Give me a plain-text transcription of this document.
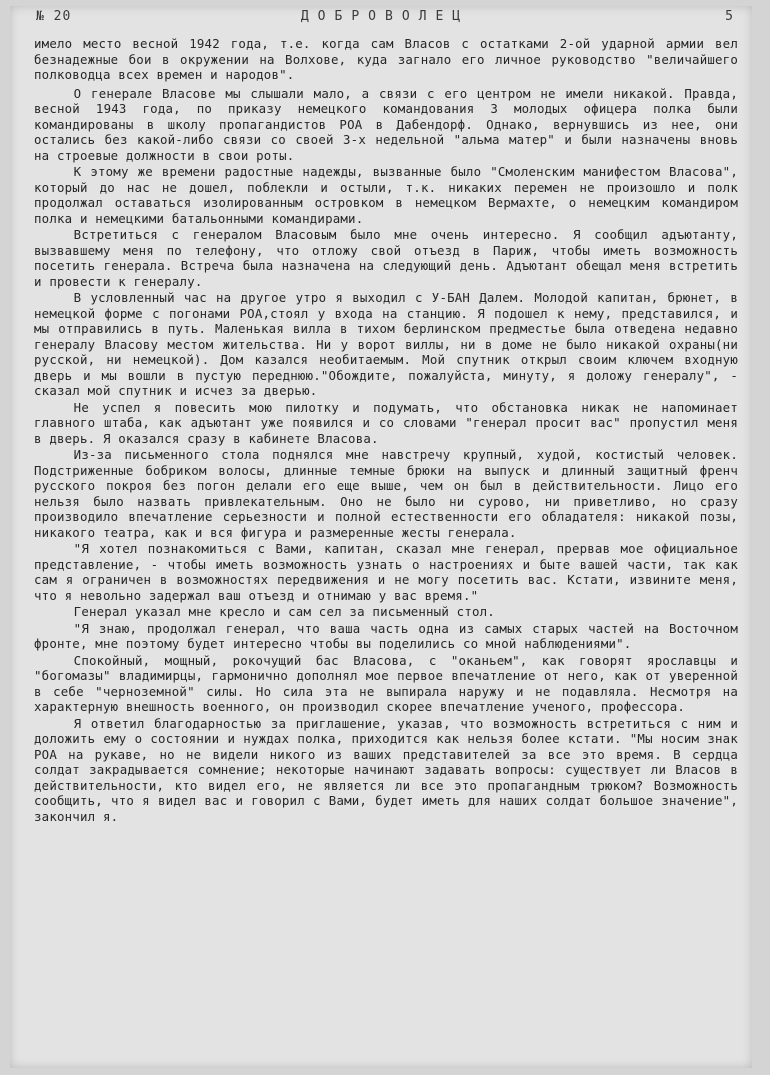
№ 20	ДОБРОВОЛЕЦ	5

имело место весной 1942 года, т.е. когда сам Власов с остатками 2-ой ударной армии вел безнадежные бои в окружении на Волхове, куда загнало его личное руководство "величайшего полководца всех времен и народов".

О генерале Власове мы слышали мало, а связи с его центром не имели никакой. Правда, весной 1943 года, по приказу немецкого командования 3 молодых офицера полка были командированы в школу пропагандистов РОА в Дабендорф. Однако, вернувшись из нее, они остались без какой-либо связи со своей 3-х недельной "альма матер" и были назначены вновь на строевые должности в свои роты.

К этому же времени радостные надежды, вызванные было "Смоленским манифестом Власова", который до нас не дошел, поблекли и остыли, т.к. никаких перемен не произошло и полк продолжал оставаться изолированным островком в немецком Вермахте, о немецким командиром полка и немецкими батальонными командирами.

Встретиться с генералом Власовым было мне очень интересно. Я сообщил адъютанту, вызвавшему меня по телефону, что отложу свой отъезд в Париж, чтобы иметь возможность посетить генерала. Встреча была назначена на следующий день. Адъютант обещал меня встретить и провести к генералу.

В условленный час на другое утро я выходил с У-БАН Далем. Молодой капитан, брюнет, в немецкой форме с погонами РОА,стоял у входа на станцию. Я подошел к нему, представился, и мы отправились в путь. Маленькая вилла в тихом берлинском предместье была отведена недавно генералу Власову местом жительства. Ни у ворот виллы, ни в доме не было никакой охраны(ни русской, ни немецкой). Дом казался необитаемым. Мой спутник открыл своим ключем входную дверь и мы вошли в пустую переднюю."Обождите, пожалуйста, минуту, я доложу генералу", - сказал мой спутник и исчез за дверью.

Не успел я повесить мою пилотку и подумать, что обстановка никак не напоминает главного штаба, как адъютант уже появился и со словами "генерал просит вас" пропустил меня в дверь. Я оказался сразу в кабинете Власова.

Из-за письменного стола поднялся мне навстречу крупный, худой, костистый человек. Подстриженные бобриком волосы, длинные темные брюки на выпуск и длинный защитный френч русского покроя без погон делали его еще выше, чем он был в действительности. Лицо его нельзя было назвать привлекательным. Оно не было ни суровo, ни приветливо, но сразу производило впечатление серьезности и полной естественности его обладателя: никакой позы, никакого театра, как и вся фигура и размеренные жесты генерала.

"Я хотел познакомиться с Вами, капитан, сказал мне генерал, прервав мое официальное представление, - чтобы иметь возможность узнать о настроениях и быте вашей части, так как сам я ограничен в возможностях передвижения и не могу посетить вас. Кстати, извините меня, что я невольно задержал ваш отъезд и отнимаю у вас время."

Генерал указал мне кресло и сам сел за письменный стол.

"Я знаю, продолжал генерал, что ваша часть одна из самых старых частей на Восточном фронте, мне поэтому будет интересно чтобы вы поделились со мной наблюдениями".

Спокойный, мощный, рокочущий бас Власова, с "оканьем", как говорят ярославцы и "богомазы" владимирцы, гармонично дополнял мое первое впечатление от него, как от уверенной в себе "черноземной" силы. Но сила эта не выпирала наружу и не подавляла. Несмотря на характерную внешность военного, он производил скорее впечатление ученого, профессора.

Я ответил благодарностью за приглашение, указав, что возможность встретиться с ним и доложить ему о состоянии и нуждах полка, приходится как нельзя более кстати. "Мы носим знак РОА на рукаве, но не видели никого из ваших представителей за все это время. В сердца солдат закрадывается сомнение; некоторые начинают задавать вопросы: существует ли Власов в действительности, кто видел его, не является ли все это пропагандным трюком? Возможность сообщить, что я видел вас и говорил с Вами, будет иметь для наших солдат большое значение", закончил я.
